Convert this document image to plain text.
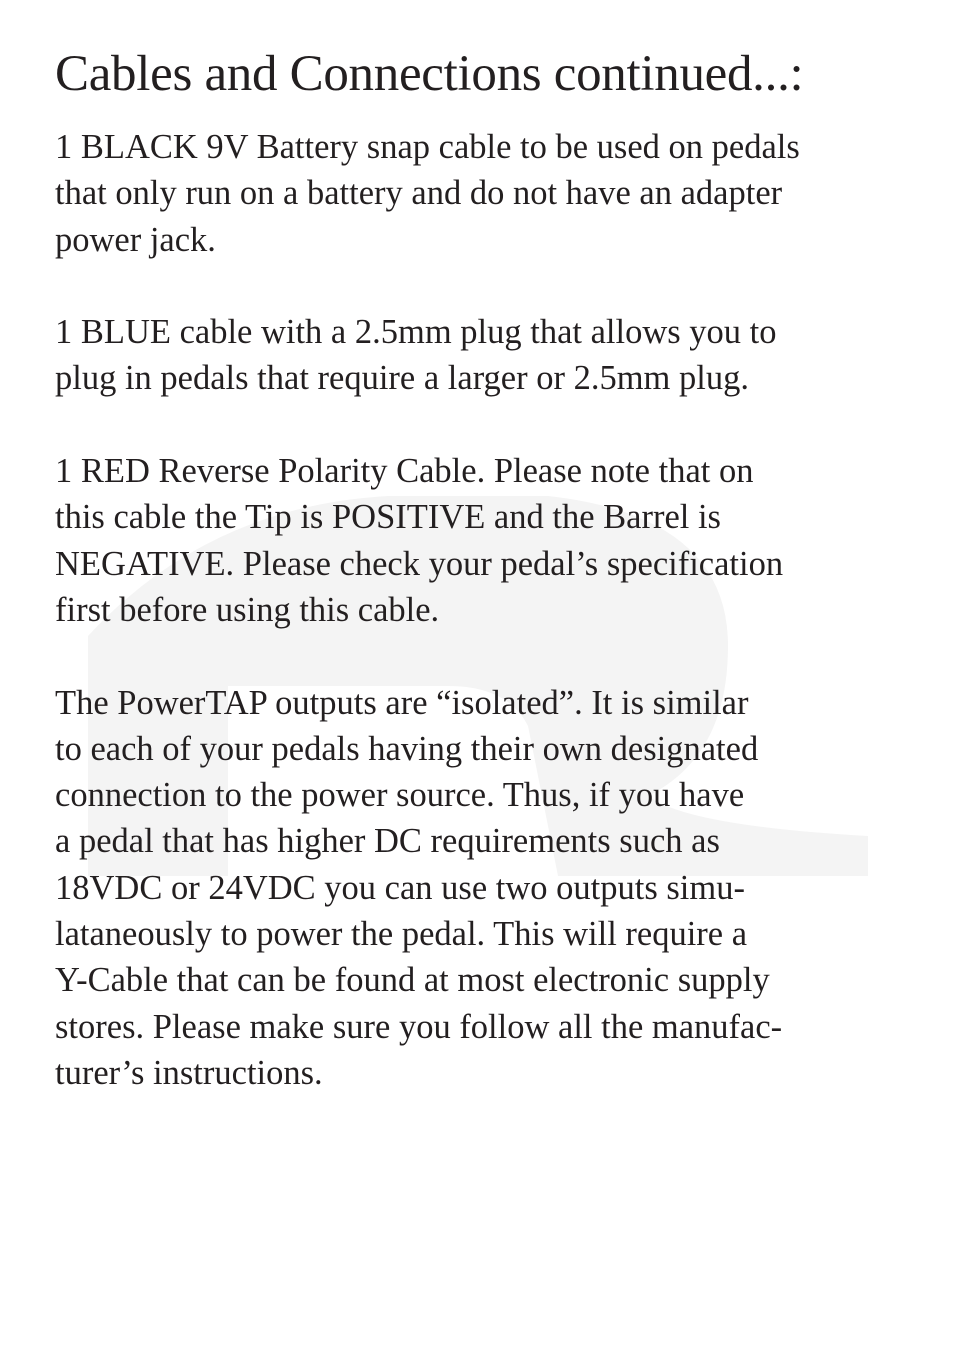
Cables and Connections continued...:

1 BLACK 9V Battery snap cable to be used on pedals
that only run on a battery and do not have an adapter
power jack.

1 BLUE cable with a 2.5mm plug that allows you to
plug in pedals that require a larger or 2.5mm plug.

1 RED Reverse Polarity Cable. Please note that on
this cable the Tip is POSITIVE and the Barrel is
NEGATIVE. Please check your pedal’s specification
first before using this cable.

The PowerTAP outputs are “isolated”. It is similar
to each of your pedals having their own designated
connection to the power source. Thus, if you have
a pedal that has higher DC requirements such as
18VDC or 24VDC you can use two outputs simu-
lataneously to power the pedal. This will require a
Y-Cable that can be found at most electronic supply
stores. Please make sure you follow all the manufac-
turer’s instructions.
